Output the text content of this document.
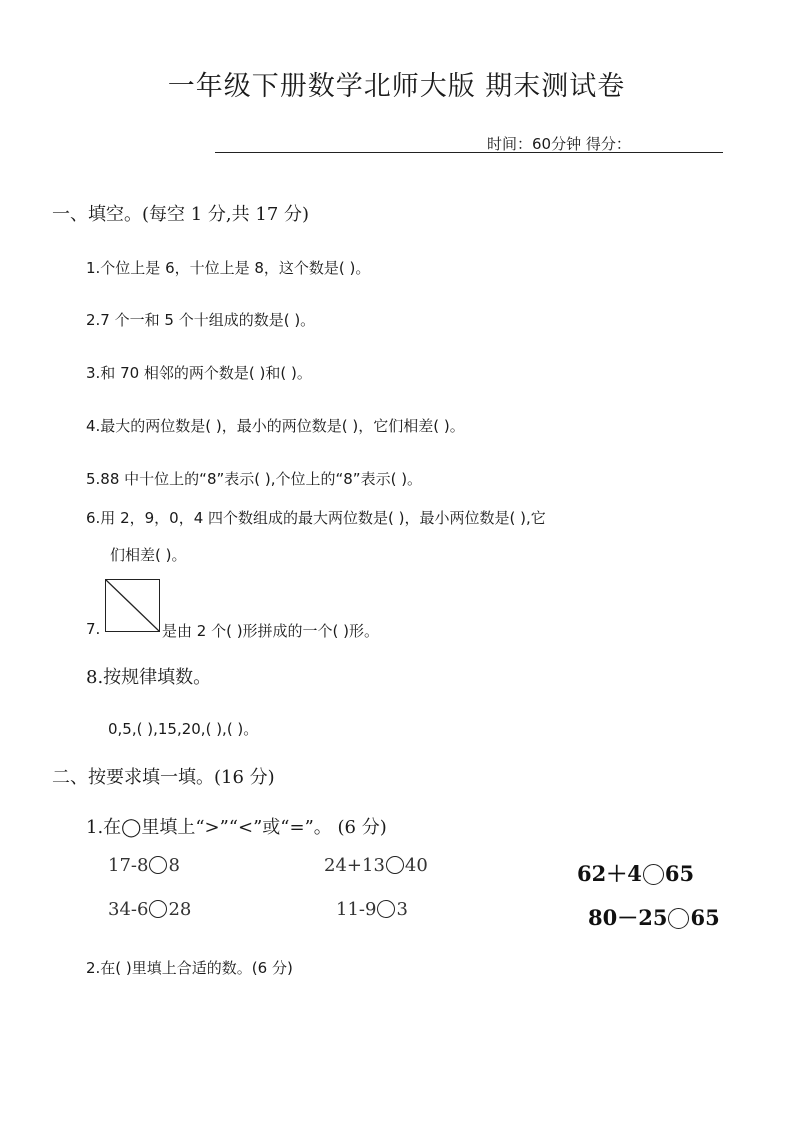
一年级下册数学北师大版 期末测试卷
时间：60分钟 得分：
一、填空。(每空 1 分,共 17 分)
1.个位上是 6，十位上是 8，这个数是( )。
2.7 个一和 5 个十组成的数是( )。
3.和 70 相邻的两个数是( )和( )。
4.最大的两位数是( )，最小的两位数是( )，它们相差( )。
5.88 中十位上的“8”表示( ),个位上的“8”表示( )。
6.用 2，9，0，4 四个数组成的最大两位数是( )，最小两位数是( ),它
们相差( )。
7.	是由 2 个( )形拼成的一个( )形。
8.按规律填数。
0,5,( ),15,20,( ),( )。
二、按要求填一填。(16 分)
1.在◯里填上“>”“<”或“=”。 (6 分)
17-8 8	24+13 40	62＋4 65
34-6 28	11-9 3	80－25 65
2.在( )里填上合适的数。(6 分)
